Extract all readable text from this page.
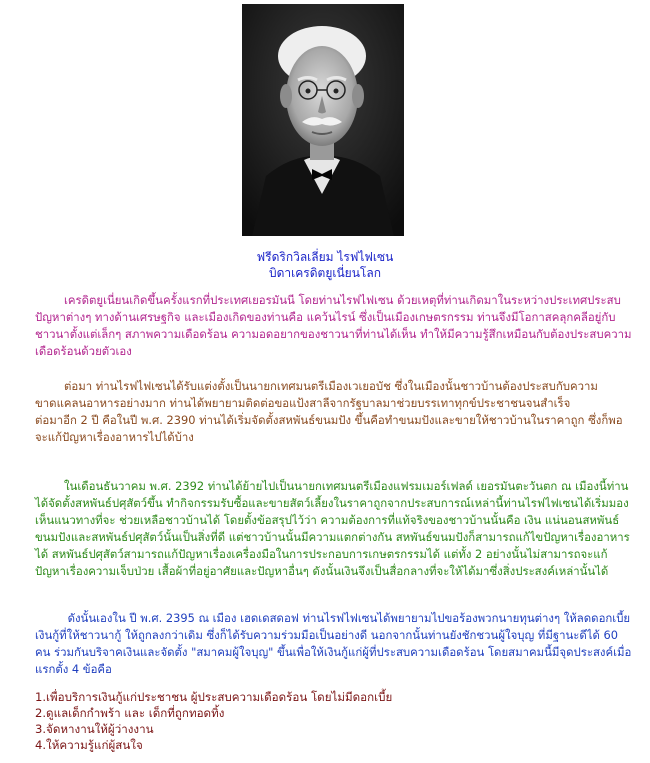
ฟรีดริกวิลเลี่ยม ไรฟไฟเซน
บิดาเครดิตยูเนี่ยนโลก

เครดิตยูเนี่ยนเกิดขึ้นครั้งแรกที่ประเทศเยอรมันนี โดยท่านไรฟไฟเซน ด้วยเหตุที่ท่านเกิดมาในระหว่างประเทศประสบปัญหาต่างๆ ทางด้านเศรษฐกิจ และเมืองเกิดของท่านคือ แคว้นไรน์ ซึ่งเป็นเมืองเกษตรกรรม ท่านจึงมีโอกาสคลุกคลีอยู่กับชาวนาตั้งแต่เล็กๆ สภาพความเดือดร้อน ความอดอยากของชาวนาที่ท่านได้เห็น ทำให้มีความรู้สึกเหมือนกับต้องประสบความเดือดร้อนด้วยตัวเอง

ต่อมา ท่านไรฟไฟเซนได้รับแต่งตั้งเป็นนายกเทศมนตรีเมืองเวเยอบัช ซึ่งในเมืองนั้นชาวบ้านต้องประสบกับความขาดแคลนอาหารอย่างมาก ท่านได้พยายามติดต่อขอแป้งสาลีจากรัฐบาลมาช่วยบรรเทาทุกข์ประชาชนจนสำเร็จ
ต่อมาอีก 2 ปี คือในปี พ.ศ. 2390 ท่านได้เริ่มจัดตั้งสหพันธ์ขนมปัง ขึ้นคือทำขนมปังและขายให้ชาวบ้านในราคาถูก ซึ่งก็พอจะแก้ปัญหาเรื่องอาหารไปได้บ้าง

ในเดือนธันวาคม พ.ศ. 2392 ท่านได้ย้ายไปเป็นนายกเทศมนตรีเมืองแฟรมเมอร์เฟลด์ เยอรมันตะวันตก ณ เมืองนี้ท่านได้จัดตั้งสหพันธ์ปศุสัตว์ขึ้น ทำกิจกรรมรับซื้อและขายสัตว์เลี้ยงในราคาถูกจากประสบการณ์เหล่านี้ท่านไรฟไฟเซนได้เริ่มมองเห็นแนวทางที่จะ ช่วยเหลือชาวบ้านได้ โดยตั้งข้อสรุปไว้ว่า ความต้องการที่แท้จริงของชาวบ้านนั้นคือ เงิน แน่นอนสหพันธ์ขนมปังและสหพันธ์ปศุสัตว์นั้นเป็นสิ่งที่ดี แต่ชาวบ้านนั้นมีความแตกต่างกัน สหพันธ์ขนมปังก็สามารถแก้ไขปัญหาเรื่องอาหารได้ สหพันธ์ปศุสัตว์สามารถแก้ปัญหาเรื่องเครื่องมือในการประกอบการเกษตรกรรมได้ แต่ทั้ง 2 อย่างนั้นไม่สามารถจะแก้ปัญหาเรื่องความเจ็บป่วย เสื้อผ้าที่อยู่อาศัยและปัญหาอื่นๆ ดังนั้นเงินจึงเป็นสื่อกลางที่จะให้ได้มาซึ่งสิ่งประสงค์เหล่านั้นได้

ดังนั้นเองใน ปี พ.ศ. 2395 ณ เมือง เฮดเดสดอฟ ท่านไรฟไฟเซนได้พยายามไปขอร้องพวกนายทุนต่างๆ ให้ลดดอกเบี้ยเงินกู้ที่ให้ชาวนากู้ ให้ถูกลงกว่าเดิม ซึ่งก็ได้รับความร่วมมือเป็นอย่างดี นอกจากนั้นท่านยังชักชวนผู้ใจบุญ ที่มีฐานะดีได้ 60 คน ร่วมกันบริจาคเงินและจัดตั้ง "สมาคมผู้ใจบุญ" ขึ้นเพื่อให้เงินกู้แก่ผู้ที่ประสบความเดือดร้อน โดยสมาคมนี้มีจุดประสงค์เมื่อแรกตั้ง 4 ข้อคือ

1.เพื่อบริการเงินกู้แก่ประชาชน ผู้ประสบความเดือดร้อน โดยไม่มีดอกเบี้ย
2.ดูแลเด็กกำพร้า และ เด็กที่ถูกทอดทิ้ง
3.จัดหางานให้ผู้ว่างงาน
4.ให้ความรู้แก่ผู้สนใจ
